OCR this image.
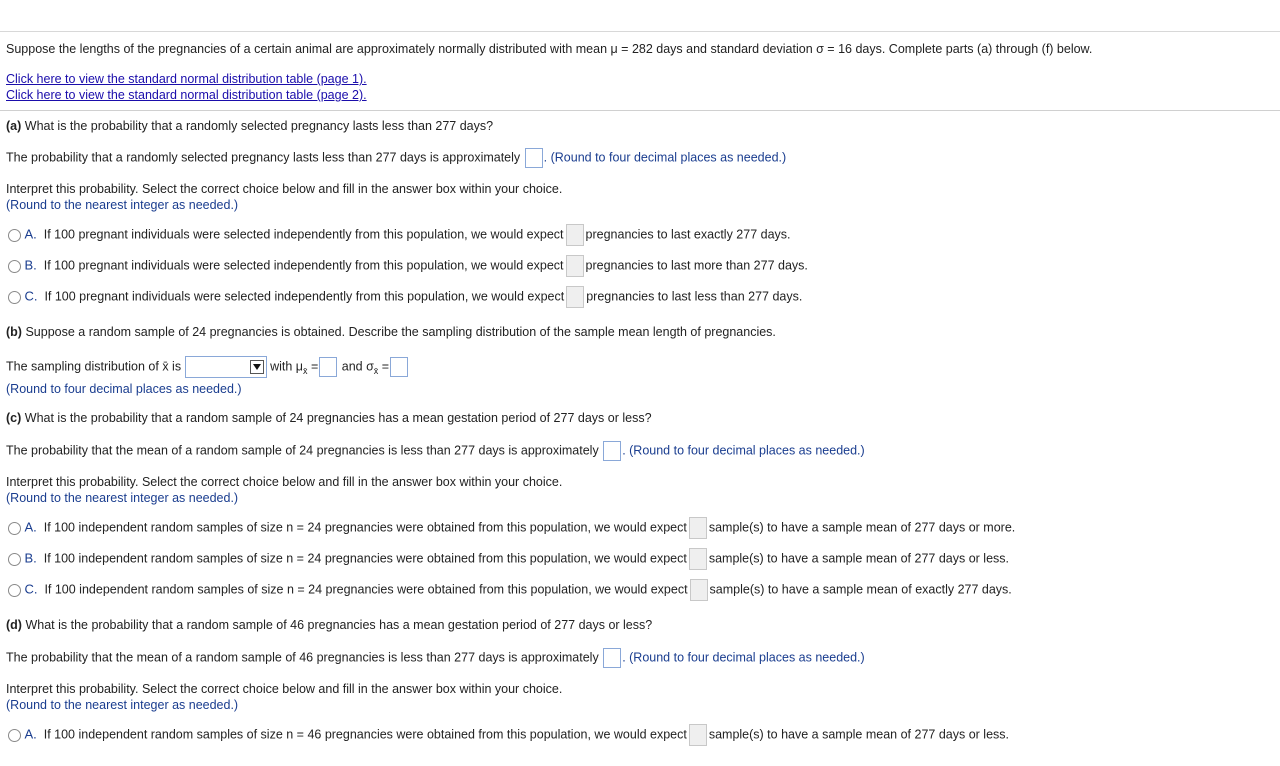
Suppose the lengths of the pregnancies of a certain animal are approximately normally distributed with mean μ = 282 days and standard deviation σ = 16 days. Complete parts (a) through (f) below.
Click here to view the standard normal distribution table (page 1).
Click here to view the standard normal distribution table (page 2).
(a) What is the probability that a randomly selected pregnancy lasts less than 277 days?
The probability that a randomly selected pregnancy lasts less than 277 days is approximately . (Round to four decimal places as needed.)
Interpret this probability. Select the correct choice below and fill in the answer box within your choice.
(Round to the nearest integer as needed.)
A. If 100 pregnant individuals were selected independently from this population, we would expect pregnancies to last exactly 277 days.
B. If 100 pregnant individuals were selected independently from this population, we would expect pregnancies to last more than 277 days.
C. If 100 pregnant individuals were selected independently from this population, we would expect pregnancies to last less than 277 days.
(b) Suppose a random sample of 24 pregnancies is obtained. Describe the sampling distribution of the sample mean length of pregnancies.
The sampling distribution of x̄ is	with $\mu_{x̄}$ = and $\sigma_{x̄}$ =
(Round to four decimal places as needed.)
(c) What is the probability that a random sample of 24 pregnancies has a mean gestation period of 277 days or less?
The probability that the mean of a random sample of 24 pregnancies is less than 277 days is approximately . (Round to four decimal places as needed.)
Interpret this probability. Select the correct choice below and fill in the answer box within your choice.
(Round to the nearest integer as needed.)
A. If 100 independent random samples of size n = 24 pregnancies were obtained from this population, we would expect sample(s) to have a sample mean of 277 days or more.
B. If 100 independent random samples of size n = 24 pregnancies were obtained from this population, we would expect sample(s) to have a sample mean of 277 days or less.
C. If 100 independent random samples of size n = 24 pregnancies were obtained from this population, we would expect sample(s) to have a sample mean of exactly 277 days.
(d) What is the probability that a random sample of 46 pregnancies has a mean gestation period of 277 days or less?
The probability that the mean of a random sample of 46 pregnancies is less than 277 days is approximately . (Round to four decimal places as needed.)
Interpret this probability. Select the correct choice below and fill in the answer box within your choice.
(Round to the nearest integer as needed.)
A. If 100 independent random samples of size n = 46 pregnancies were obtained from this population, we would expect sample(s) to have a sample mean of 277 days or less.
